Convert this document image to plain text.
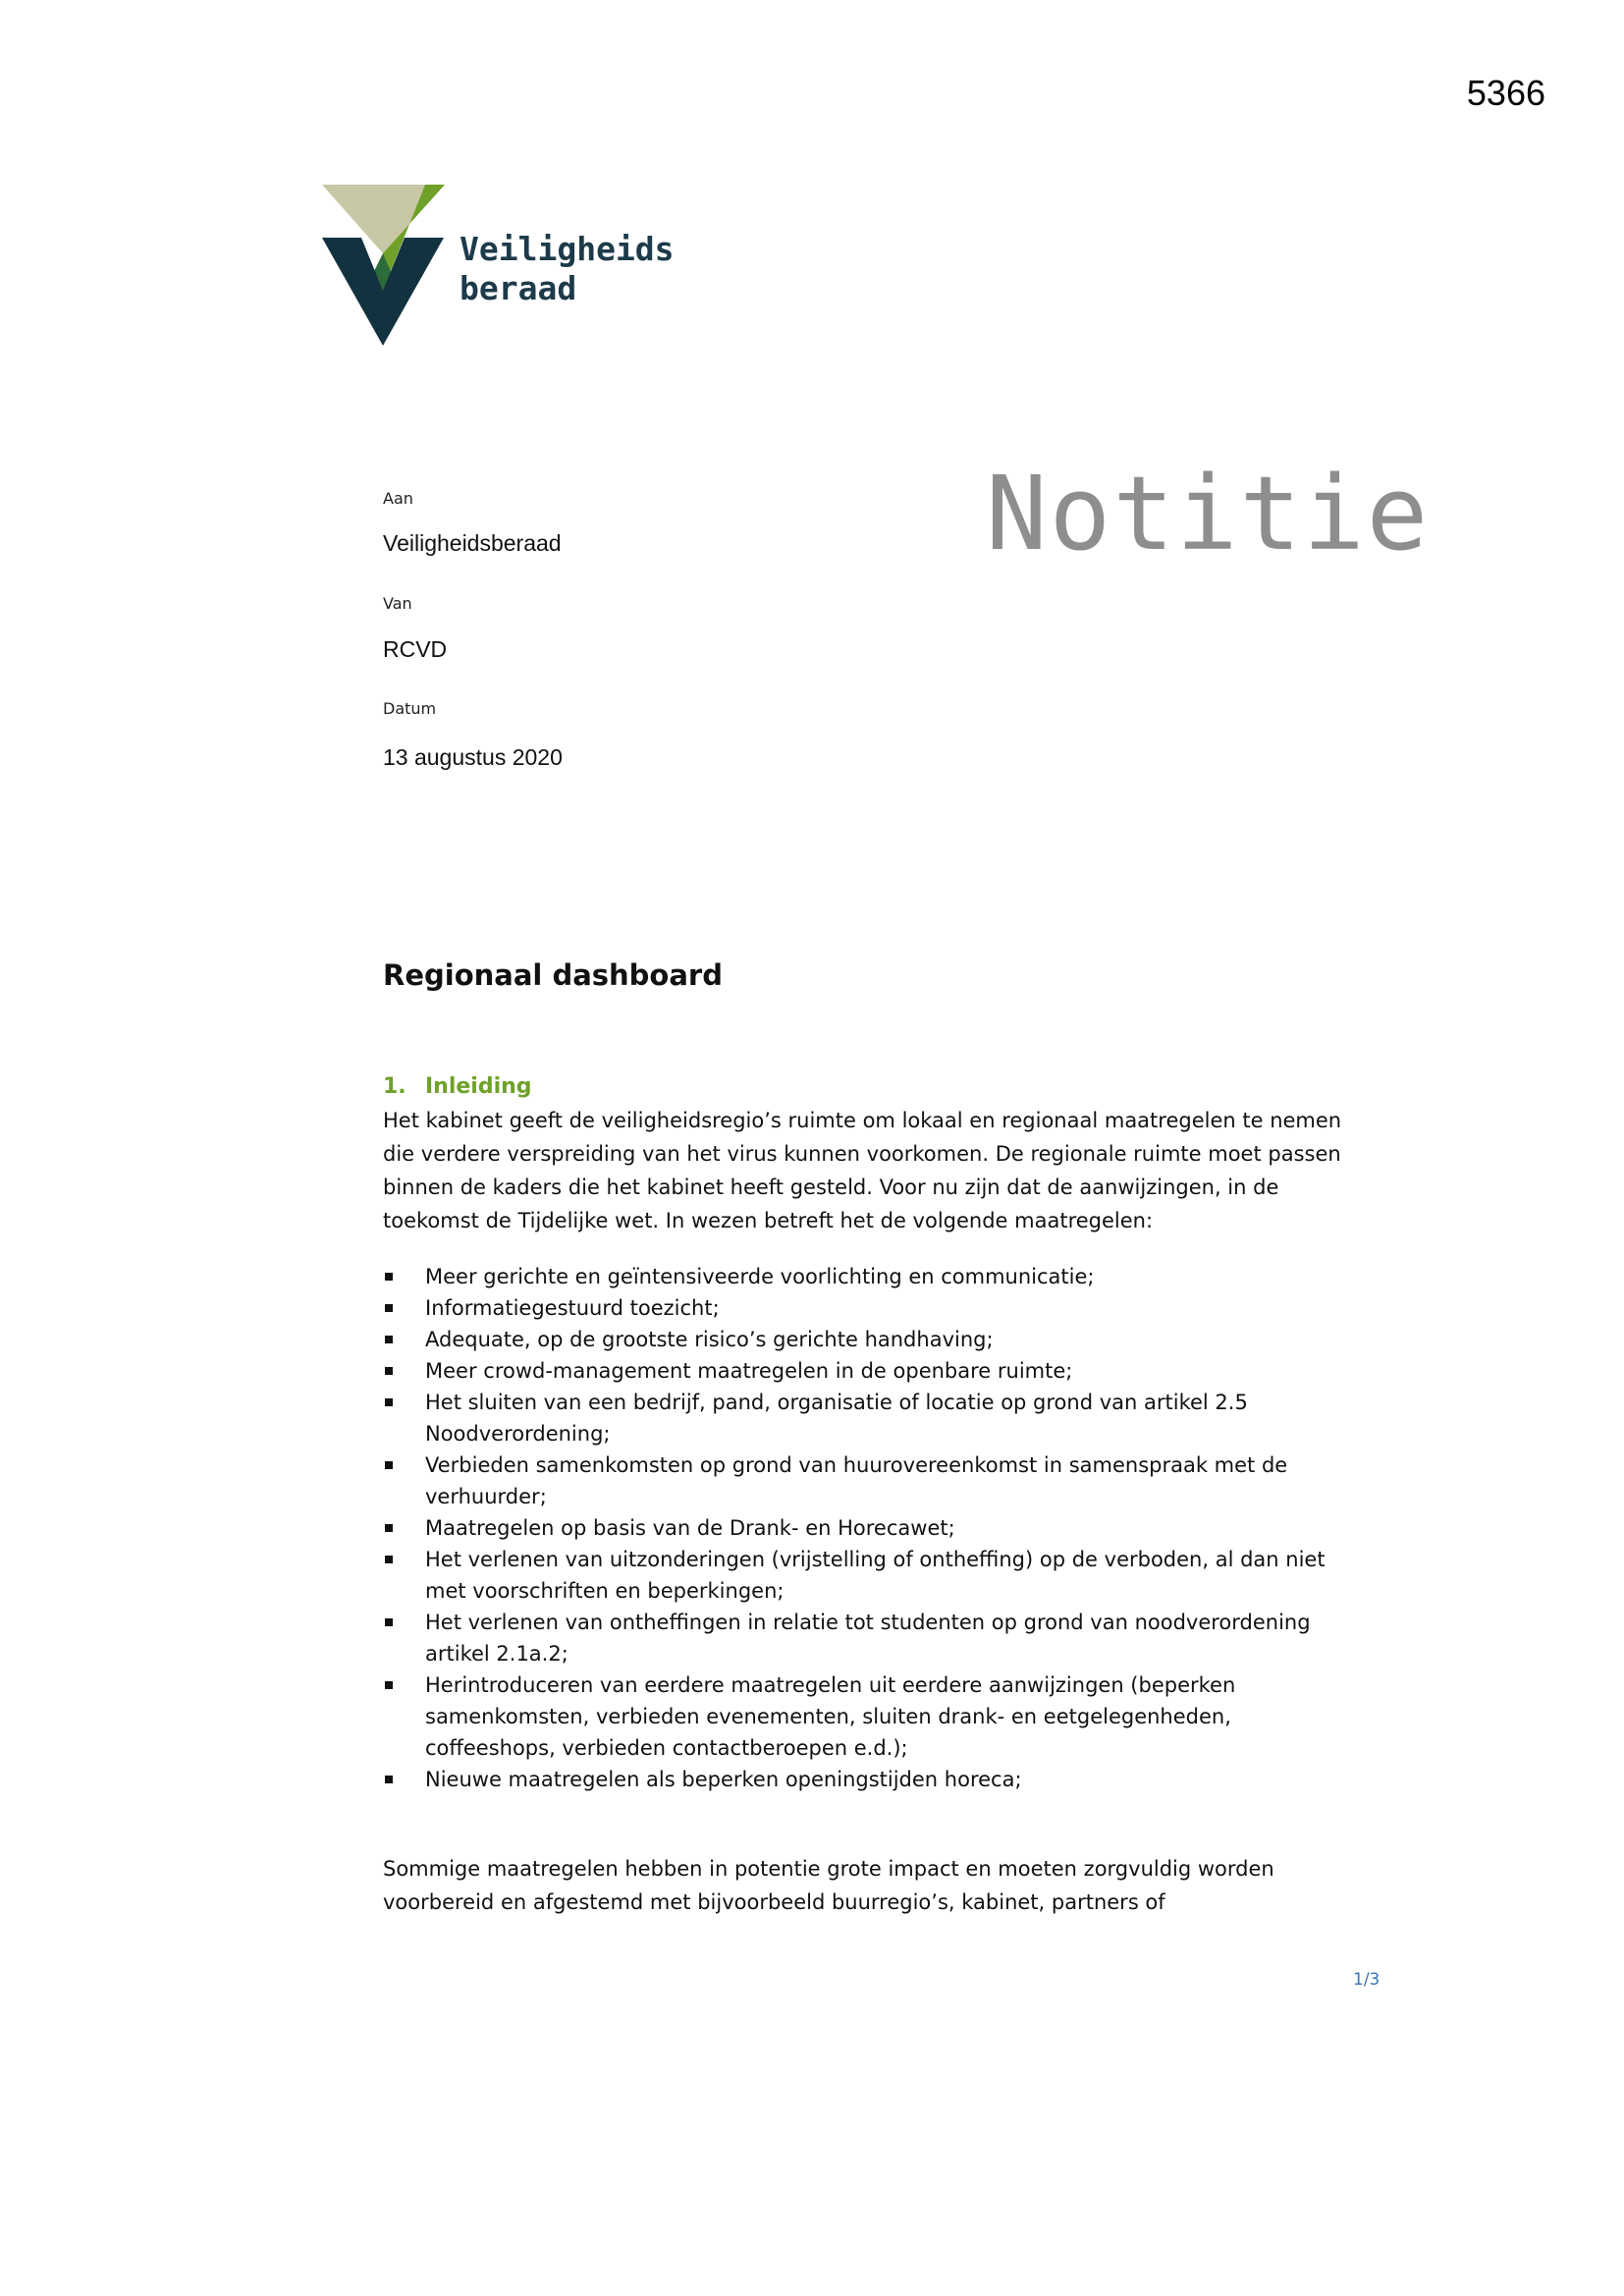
5366
Veiligheids
beraad
Notitie
Aan
Veiligheidsberaad
Van
RCVD
Datum
13 augustus 2020
Regionaal dashboard

1. Inleiding

Het kabinet geeft de veiligheidsregio’s ruimte om lokaal en regionaal maatregelen te nemen die verdere verspreiding van het virus kunnen voorkomen. De regionale ruimte moet passen binnen de kaders die het kabinet heeft gesteld. Voor nu zijn dat de aanwijzingen, in de toekomst de Tijdelijke wet. In wezen betreft het de volgende maatregelen:

Meer gerichte en geïntensiveerde voorlichting en communicatie;
Informatiegestuurd toezicht;
Adequate, op de grootste risico’s gerichte handhaving;
Meer crowd-management maatregelen in de openbare ruimte;
Het sluiten van een bedrijf, pand, organisatie of locatie op grond van artikel 2.5 Noodverordening;
Verbieden samenkomsten op grond van huurovereenkomst in samenspraak met de verhuurder;
Maatregelen op basis van de Drank- en Horecawet;
Het verlenen van uitzonderingen (vrijstelling of ontheffing) op de verboden, al dan niet met voorschriften en beperkingen;
Het verlenen van ontheffingen in relatie tot studenten op grond van noodverordening artikel 2.1a.2;
Herintroduceren van eerdere maatregelen uit eerdere aanwijzingen (beperken samenkomsten, verbieden evenementen, sluiten drank- en eetgelegenheden, coffeeshops, verbieden contactberoepen e.d.);
Nieuwe maatregelen als beperken openingstijden horeca;

Sommige maatregelen hebben in potentie grote impact en moeten zorgvuldig worden voorbereid en afgestemd met bijvoorbeeld buurregio’s, kabinet, partners of

1/3
